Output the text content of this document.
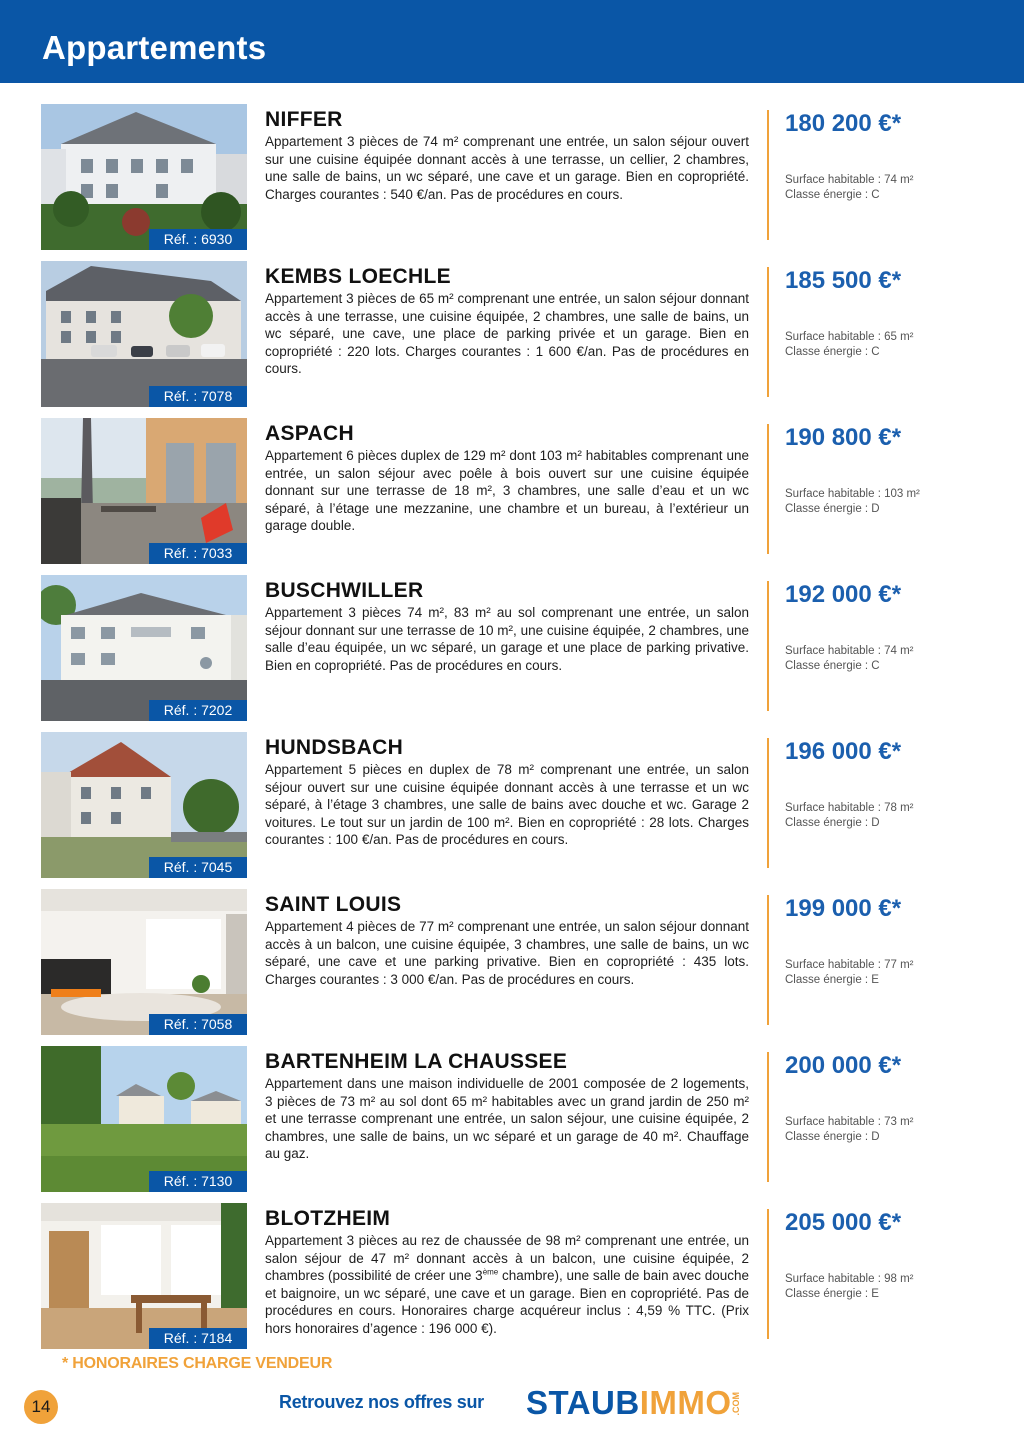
Appartements
Réf. : 6930
NIFFER
Appartement 3 pièces de 74 m² comprenant une entrée, un salon séjour ouvert sur une cuisine équipée donnant accès à une terrasse, un cellier, 2 chambres, une salle de bains, un wc séparé, une cave et un garage. Bien en copropriété. Charges courantes : 540 €/an. Pas de procédures en cours.
180 200 €*
Surface habitable : 74 m²
Classe énergie : C
Réf. : 7078
KEMBS LOECHLE
Appartement 3 pièces de 65 m² comprenant une entrée, un salon séjour donnant accès à une terrasse, une cuisine équipée, 2 chambres, une salle de bains, un wc séparé, une cave, une place de parking privée et un garage. Bien en copropriété : 220 lots. Charges courantes : 1 600 €/an. Pas de procédures en cours.
185 500 €*
Surface habitable : 65 m²
Classe énergie : C
Réf. : 7033
ASPACH
Appartement 6 pièces duplex de 129 m² dont 103 m² habitables comprenant une entrée, un salon séjour avec poêle à bois ouvert sur une cuisine équipée donnant sur une terrasse de 18 m², 3 chambres, une salle d’eau et un wc séparé, à l’étage une mezzanine, une chambre et un bureau, à l’extérieur un garage double.
190 800 €*
Surface habitable : 103 m²
Classe énergie : D
Réf. : 7202
BUSCHWILLER
Appartement 3 pièces 74 m², 83 m² au sol comprenant une entrée, un salon séjour donnant sur une terrasse de 10 m², une cuisine équipée, 2 chambres, une salle d’eau équipée, un wc séparé, un garage et une place de parking privative. Bien en copropriété. Pas de procédures en cours.
192 000 €*
Surface habitable : 74 m²
Classe énergie : C
Réf. : 7045
HUNDSBACH
Appartement 5 pièces en duplex de 78 m² comprenant une entrée, un salon séjour ouvert sur une cuisine équipée donnant accès à une terrasse et un wc séparé, à l’étage 3 chambres, une salle de bains avec douche et wc. Garage 2 voitures. Le tout sur un jardin de 100 m². Bien en copropriété : 28 lots. Charges courantes : 100 €/an. Pas de procédures en cours.
196 000 €*
Surface habitable : 78 m²
Classe énergie : D
Réf. : 7058
SAINT LOUIS
Appartement 4 pièces de 77 m² comprenant une entrée, un salon séjour donnant accès à un balcon, une cuisine équipée, 3 chambres, une salle de bains, un wc séparé, une cave et une parking privative. Bien en copropriété : 435 lots. Charges courantes : 3 000 €/an. Pas de procédures en cours.
199 000 €*
Surface habitable : 77 m²
Classe énergie : E
Réf. : 7130
BARTENHEIM LA CHAUSSEE
Appartement dans une maison individuelle de 2001 composée de 2 logements, 3 pièces de 73 m² au sol dont 65 m² habitables avec un grand jardin de 250 m² et une terrasse comprenant une entrée, un salon séjour, une cuisine équipée, 2 chambres, une salle de bains, un wc séparé et un garage de 40 m². Chauffage au gaz.
200 000 €*
Surface habitable : 73 m²
Classe énergie : D
Réf. : 7184
BLOTZHEIM
Appartement 3 pièces au rez de chaussée de 98 m² comprenant une entrée, un salon séjour de 47 m² donnant accès à un balcon, une cuisine équipée, 2 chambres (possibilité de créer une 3ème chambre), une salle de bain avec douche et baignoire, un wc séparé, une cave et un garage. Bien en copropriété. Pas de procédures en cours. Honoraires charge acquéreur inclus : 4,59 % TTC. (Prix hors honoraires d’agence : 196 000 €).
205 000 €*
Surface habitable : 98 m²
Classe énergie : E
* HONORAIRES CHARGE VENDEUR
14	Retrouvez nos offres sur STAUBIMMO .COM
